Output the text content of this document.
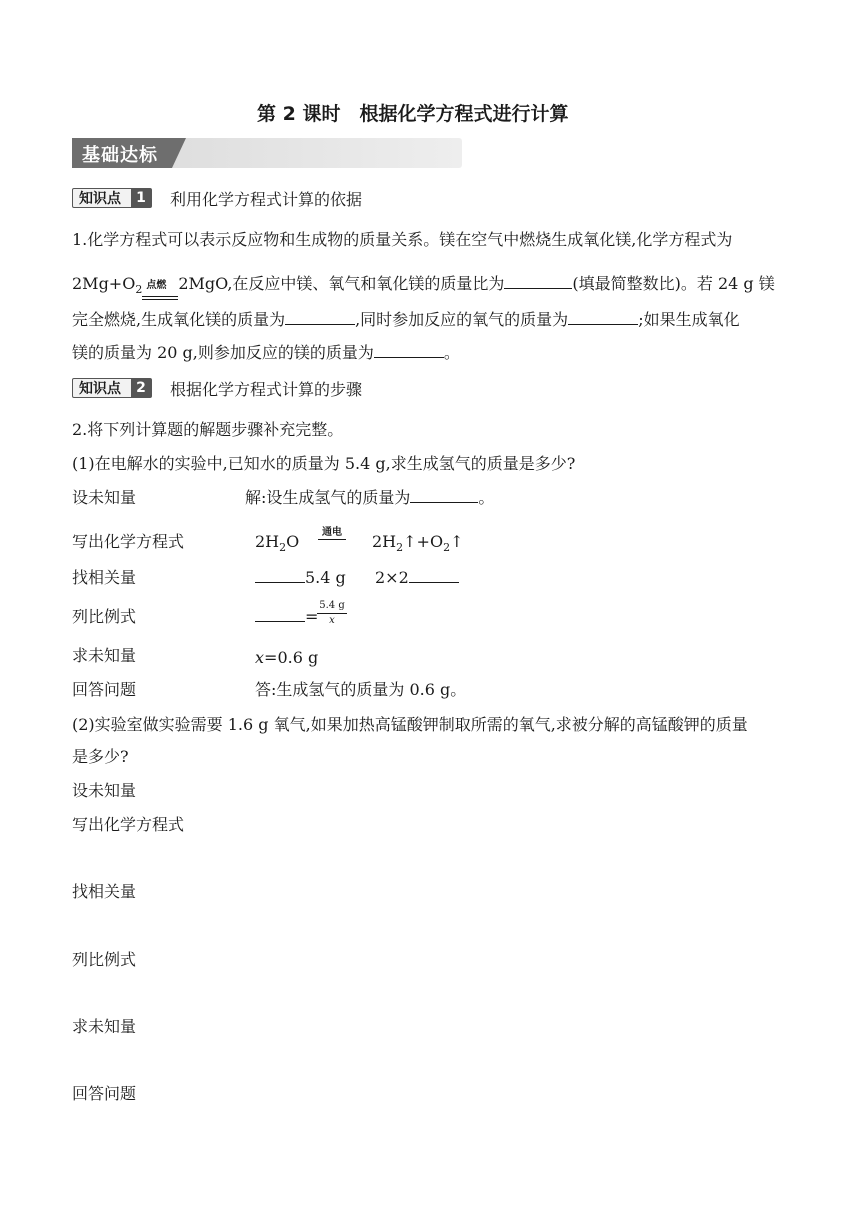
第 2 课时　根据化学方程式进行计算
基础达标
知识点	1	利用化学方程式计算的依据
1.化学方程式可以表示反应物和生成物的质量关系。镁在空气中燃烧生成氧化镁,化学方程式为
$2Mg+O_2$ 点燃 2MgO,在反应中镁、氧气和氧化镁的质量比为	(填最简整数比)。若 24 g 镁
完全燃烧,生成氧化镁的质量为	,同时参加反应的氧气的质量为	;如果生成氧化
镁的质量为 20 g,则参加反应的镁的质量为	。
知识点	2	根据化学方程式计算的步骤
2.将下列计算题的解题步骤补充完整。
(1)在电解水的实验中,已知水的质量为 5.4 g,求生成氢气的质量是多少?
设未知量	解:设生成氢气的质量为	。
写出化学方程式	$2H_2O$ 通电 $2H_2↑+O_2↑$
找相关量	5.4 g 2×2
列比例式	=
5.4 g
x
求未知量	x=0.6 g
回答问题	答:生成氢气的质量为 0.6 g。
(2)实验室做实验需要 1.6 g 氧气,如果加热高锰酸钾制取所需的氧气,求被分解的高锰酸钾的质量
是多少?
设未知量
写出化学方程式
找相关量
列比例式
求未知量
回答问题
